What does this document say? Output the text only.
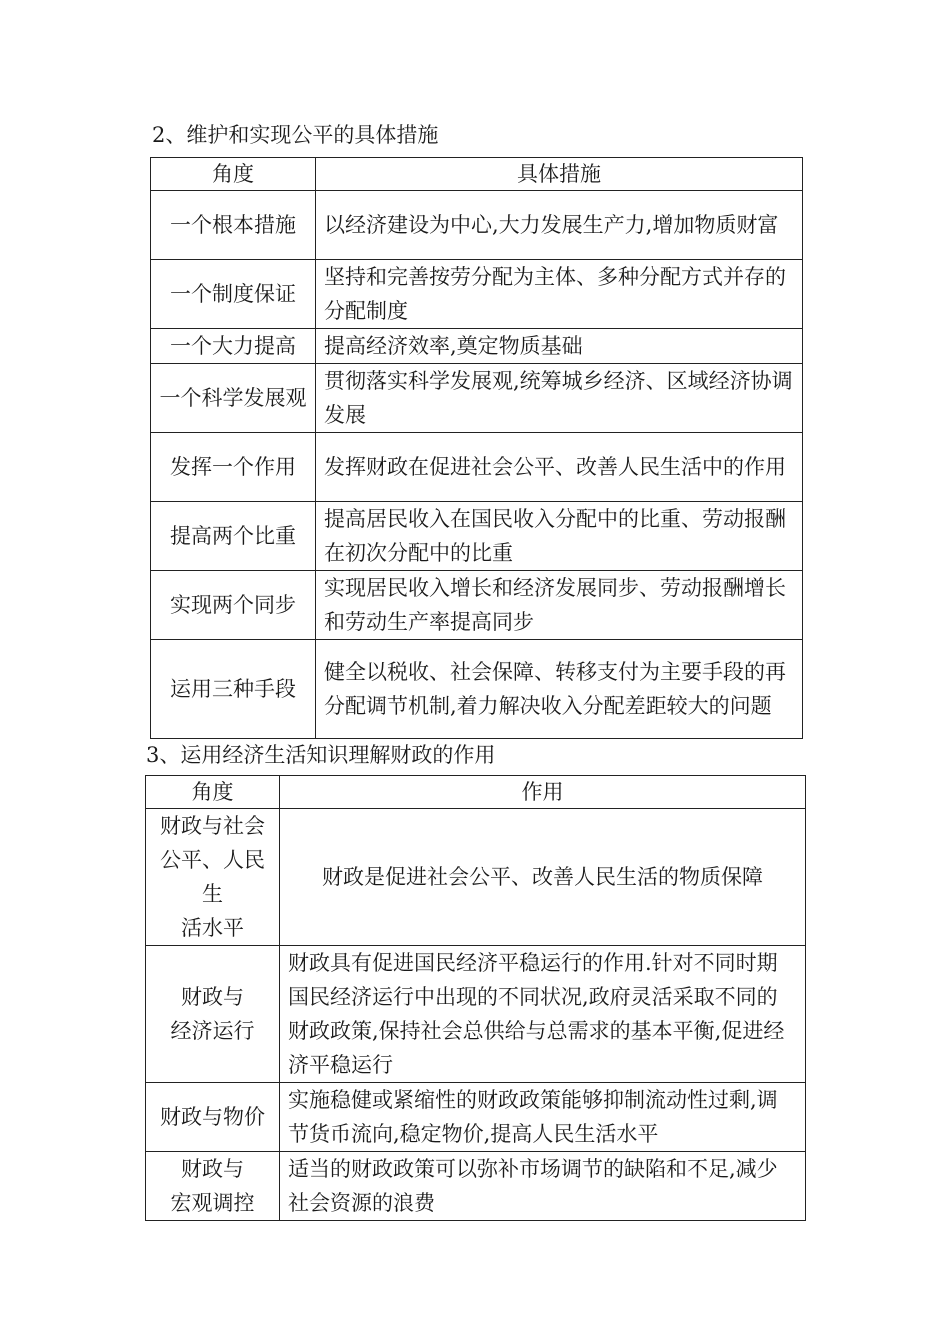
2、维护和实现公平的具体措施
角度	具体措施
一个根本措施	以经济建设为中心,大力发展生产力,增加物质财富
一个制度保证	坚持和完善按劳分配为主体、多种分配方式并存的分配制度
一个大力提高	提高经济效率,奠定物质基础
一个科学发展观	贯彻落实科学发展观,统筹城乡经济、区域经济协调发展
发挥一个作用	发挥财政在促进社会公平、改善人民生活中的作用
提高两个比重	提高居民收入在国民收入分配中的比重、劳动报酬在初次分配中的比重
实现两个同步	实现居民收入增长和经济发展同步、劳动报酬增长和劳动生产率提高同步
运用三种手段	健全以税收、社会保障、转移支付为主要手段的再分配调节机制,着力解决收入分配差距较大的问题
3、运用经济生活知识理解财政的作用
角度	作用

财政与社会
公平、人民
生
活水平	财政是促进社会公平、改善人民生活的物质保障

财政与
经济运行	财政具有促进国民经济平稳运行的作用.针对不同时期国民经济运行中出现的不同状况,政府灵活采取不同的财政政策,保持社会总供给与总需求的基本平衡,促进经济平稳运行

财政与物价	实施稳健或紧缩性的财政政策能够抑制流动性过剩,调节货币流向,稳定物价,提高人民生活水平

财政与
宏观调控	适当的财政政策可以弥补市场调节的缺陷和不足,减少社会资源的浪费
